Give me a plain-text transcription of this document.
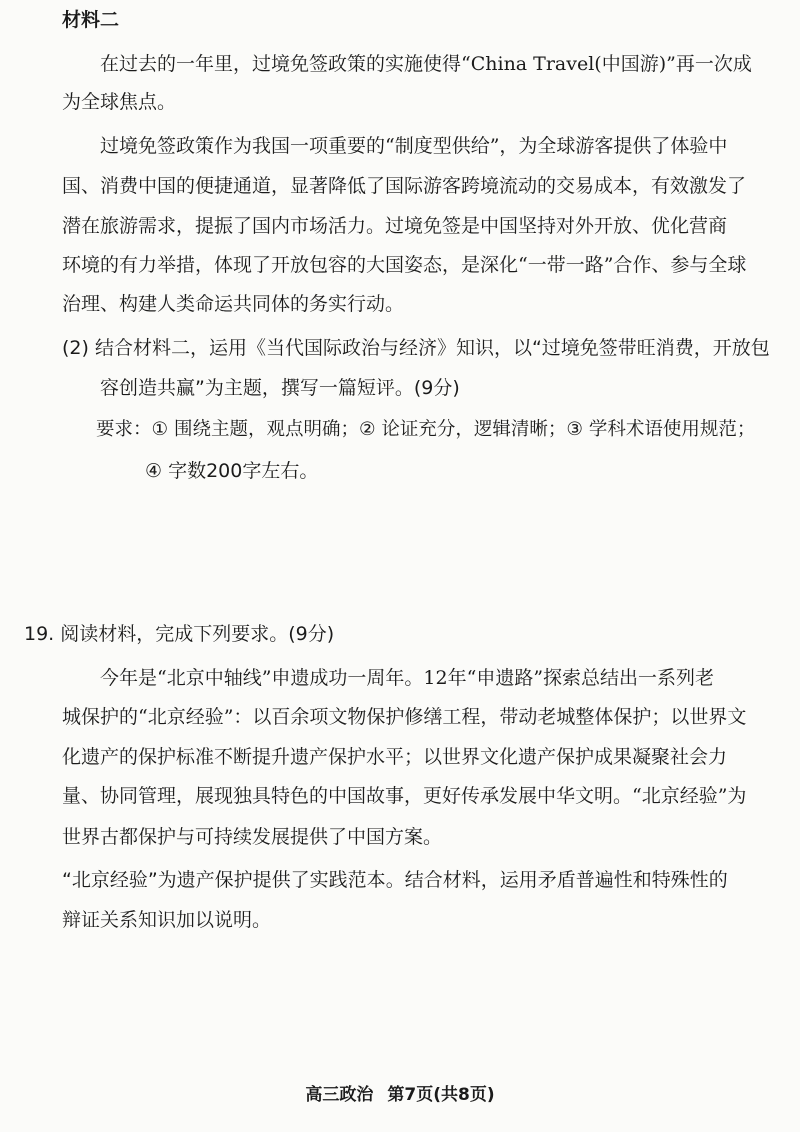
材料二
在过去的一年里，过境免签政策的实施使得“China Travel(中国游)”再一次成
为全球焦点。
过境免签政策作为我国一项重要的“制度型供给”，为全球游客提供了体验中
国、消费中国的便捷通道，显著降低了国际游客跨境流动的交易成本，有效激发了
潜在旅游需求，提振了国内市场活力。过境免签是中国坚持对外开放、优化营商
环境的有力举措，体现了开放包容的大国姿态，是深化“一带一路”合作、参与全球
治理、构建人类命运共同体的务实行动。
(2) 结合材料二，运用《当代国际政治与经济》知识，以“过境免签带旺消费，开放包
容创造共赢”为主题，撰写一篇短评。(9分)
要求：① 围绕主题，观点明确；② 论证充分，逻辑清晰；③ 学科术语使用规范；
④ 字数200字左右。
19. 阅读材料，完成下列要求。(9分)
今年是“北京中轴线”申遗成功一周年。12年“申遗路”探索总结出一系列老
城保护的“北京经验”：以百余项文物保护修缮工程，带动老城整体保护；以世界文
化遗产的保护标准不断提升遗产保护水平；以世界文化遗产保护成果凝聚社会力
量、协同管理，展现独具特色的中国故事，更好传承发展中华文明。“北京经验”为
世界古都保护与可持续发展提供了中国方案。
“北京经验”为遗产保护提供了实践范本。结合材料，运用矛盾普遍性和特殊性的
辩证关系知识加以说明。
高三政治 第7页(共8页)
